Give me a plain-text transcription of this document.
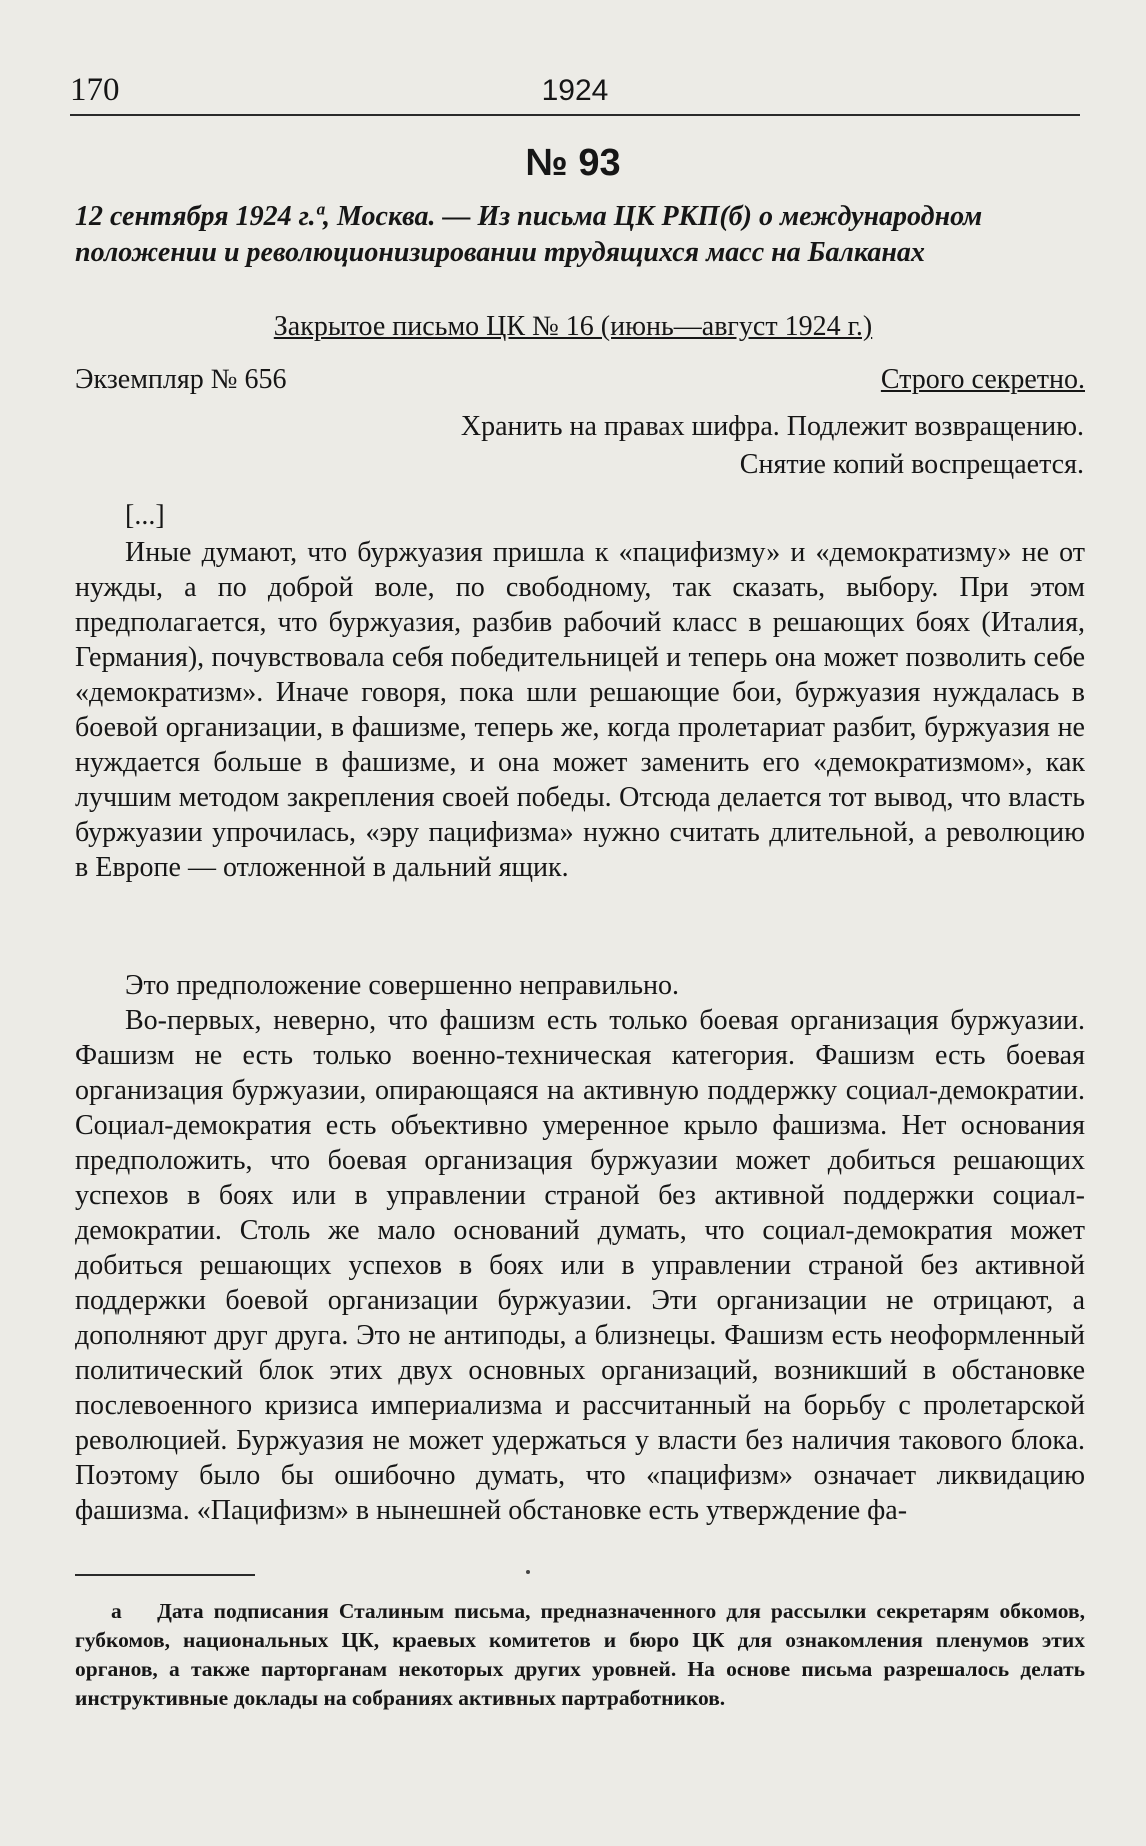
170	1924
№ 93
12 сентября 1924 г.ª, Москва. — Из письма ЦК РКП(б) о международном положении и революционизировании трудящихся масс на Балканах
Закрытое письмо ЦК № 16 (июнь—август 1924 г.)
Экземпляр № 656	Строго секретно.
Хранить на правах шифра. Подлежит возвращению.
Снятие копий воспрещается.
[...]

Иные думают, что буржуазия пришла к «пацифизму» и «демократизму» не от нужды, а по доброй воле, по свободному, так сказать, выбору. При этом предполагается, что буржуазия, разбив рабочий класс в решающих боях (Италия, Германия), почувствовала себя победительницей и теперь она может позволить себе «демократизм». Иначе говоря, пока шли решающие бои, буржуазия нуждалась в боевой организации, в фашизме, теперь же, когда пролетариат разбит, буржуазия не нуждается больше в фашизме, и она может заменить его «демократизмом», как лучшим методом закрепления своей победы. Отсюда делается тот вывод, что власть буржуазии упрочилась, «эру пацифизма» нужно считать длительной, а революцию в Европе — отложенной в дальний ящик.

Это предположение совершенно неправильно.

Во-первых, неверно, что фашизм есть только боевая организация буржуазии. Фашизм не есть только военно-техническая категория. Фашизм есть боевая организация буржуазии, опирающаяся на активную поддержку социал-демократии. Социал-демократия есть объективно умеренное крыло фашизма. Нет основания предположить, что боевая организация буржуазии может добиться решающих успехов в боях или в управлении страной без активной поддержки социал-демократии. Столь же мало оснований думать, что социал-демократия может добиться решающих успехов в боях или в управлении страной без активной поддержки боевой организации буржуазии. Эти организации не отрицают, а дополняют друг друга. Это не антиподы, а близнецы. Фашизм есть неоформленный политический блок этих двух основных организаций, возникший в обстановке послевоенного кризиса империализма и рассчитанный на борьбу с пролетарской революцией. Буржуазия не может удержаться у власти без наличия такового блока. Поэтому было бы ошибочно думать, что «пацифизм» означает ликвидацию фашизма. «Пацифизм» в нынешней обстановке есть утверждение фа-

а Дата подписания Сталиным письма, предназначенного для рассылки секретарям обкомов, губкомов, национальных ЦК, краевых комитетов и бюро ЦК для ознакомления пленумов этих органов, а также парторганам некоторых других уровней. На основе письма разрешалось делать инструктивные доклады на собраниях активных партработников.
